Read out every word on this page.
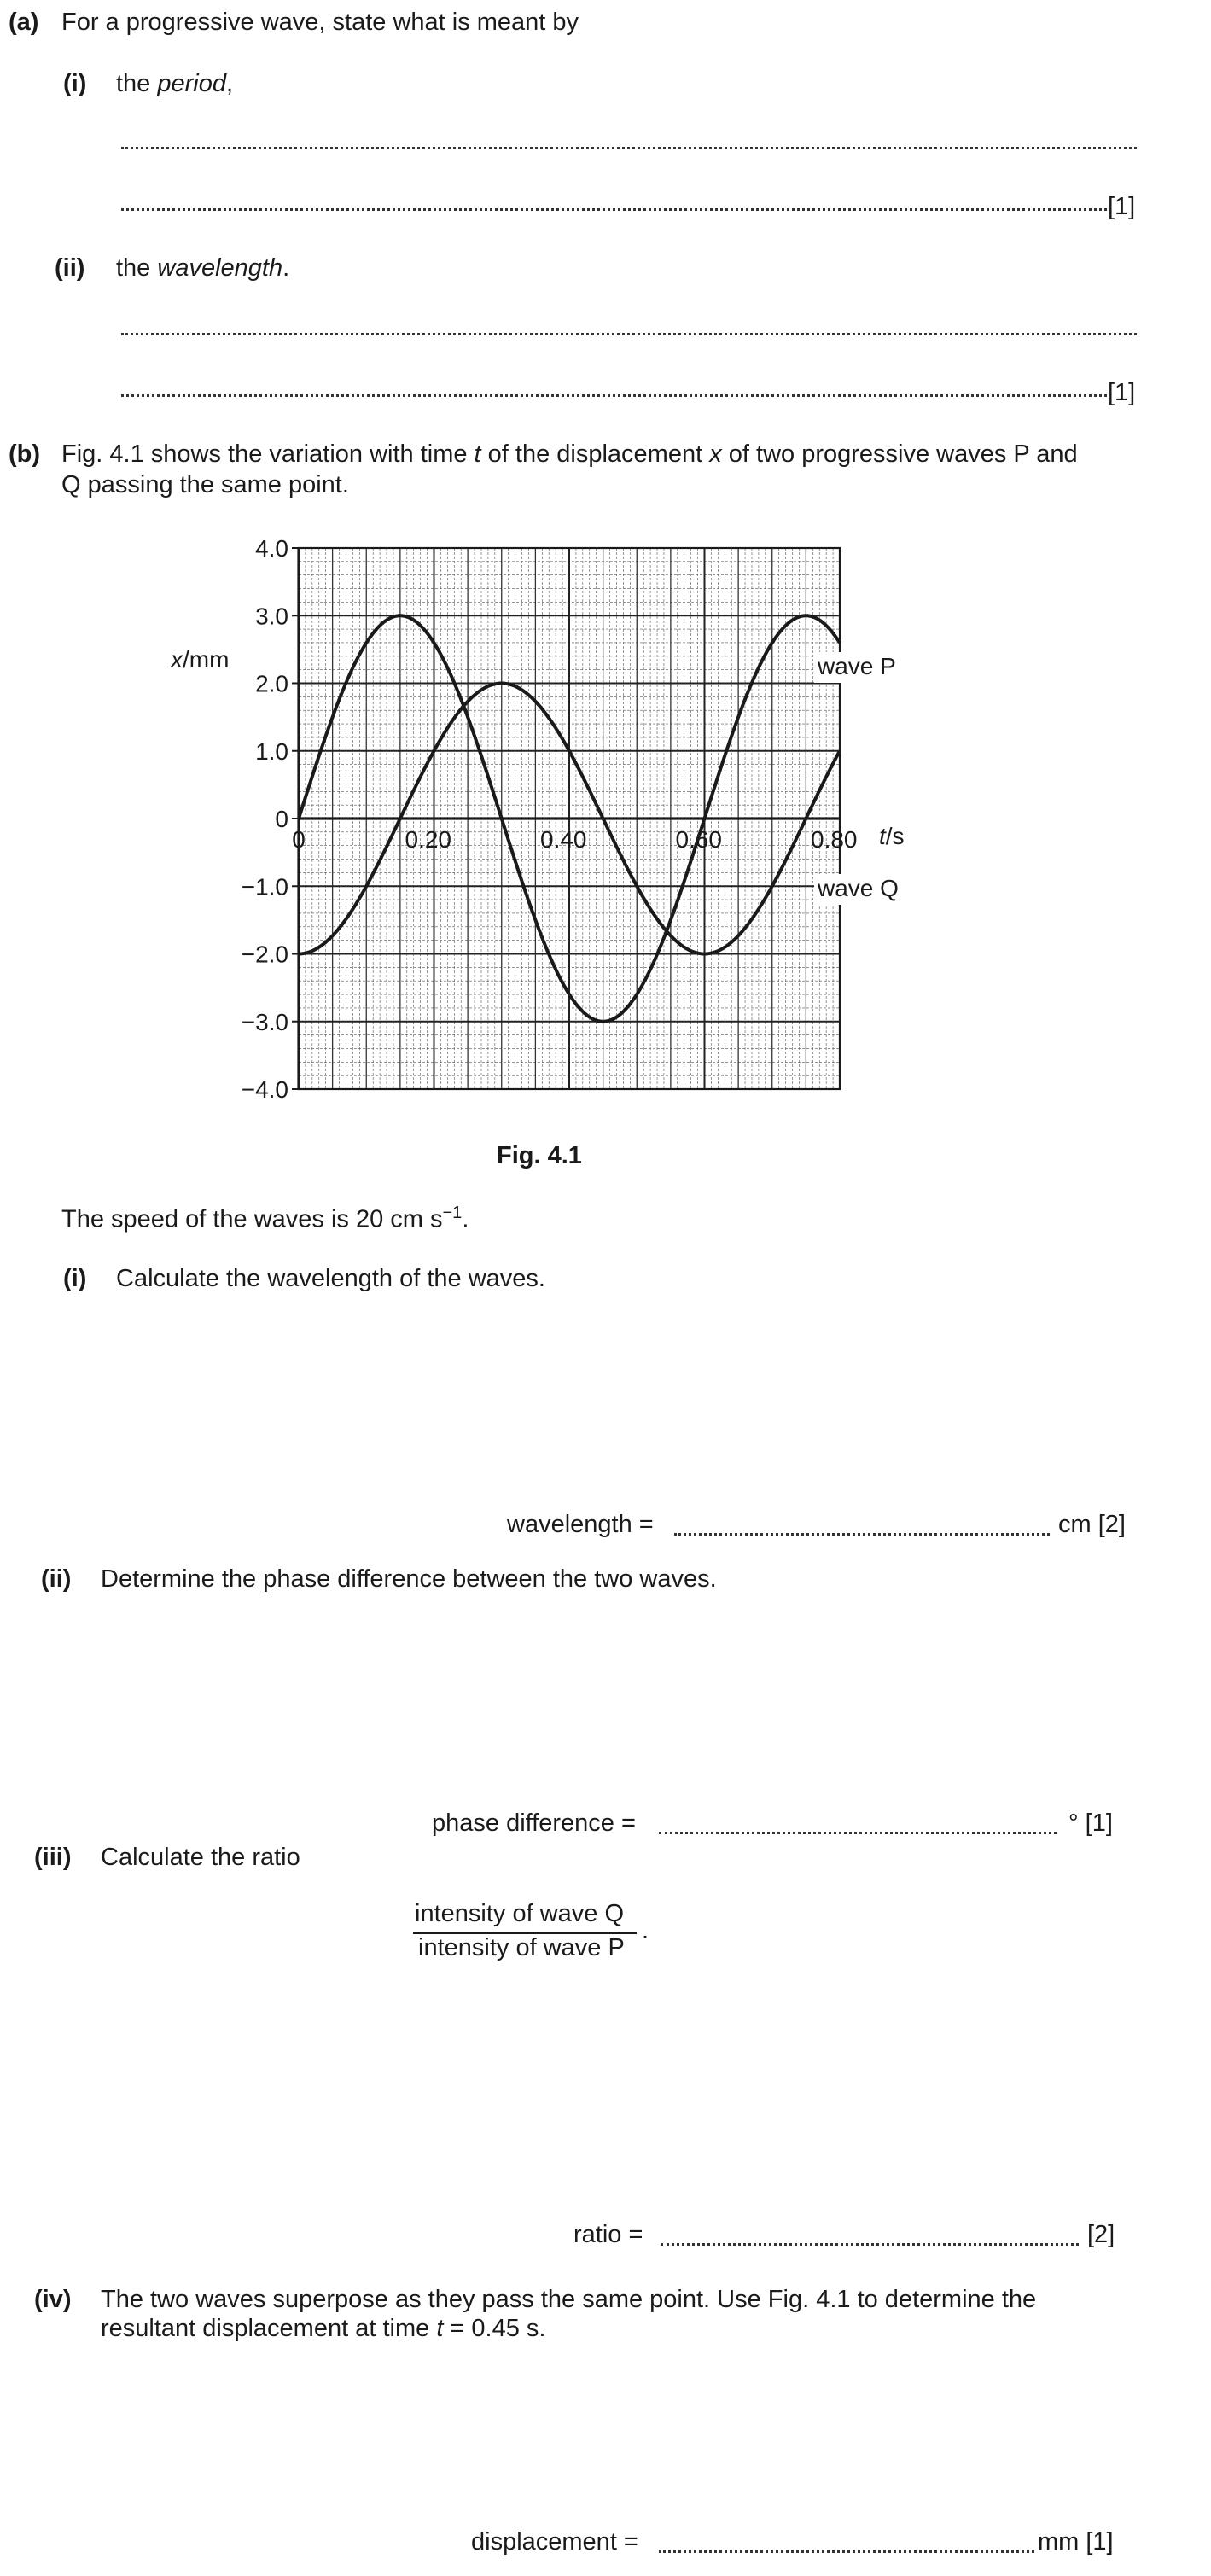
(a) For a progressive wave, state what is meant by
(i) the period,
[1]
(ii) the wavelength.
[1]
(b) Fig. 4.1 shows the variation with time t of the displacement x of two progressive waves P and
Q passing the same point.
4.0
3.0
2.0
1.0
0
−1.0
−2.0
−3.0
−4.0
0	0.20	0.40	0.60	0.80
x/mm
t/s
wave P
wave Q
Fig. 4.1
The speed of the waves is 20 cm $s^{-1}$.
(i) Calculate the wavelength of the waves.
wavelength =	cm [2]
(ii) Determine the phase difference between the two waves.
phase difference =	° [1]
(iii) Calculate the ratio
intensity of wave Q
intensity of wave P
.
ratio =	[2]
(iv) The two waves superpose as they pass the same point. Use Fig. 4.1 to determine the
resultant displacement at time t = 0.45 s.
displacement =	mm [1]
